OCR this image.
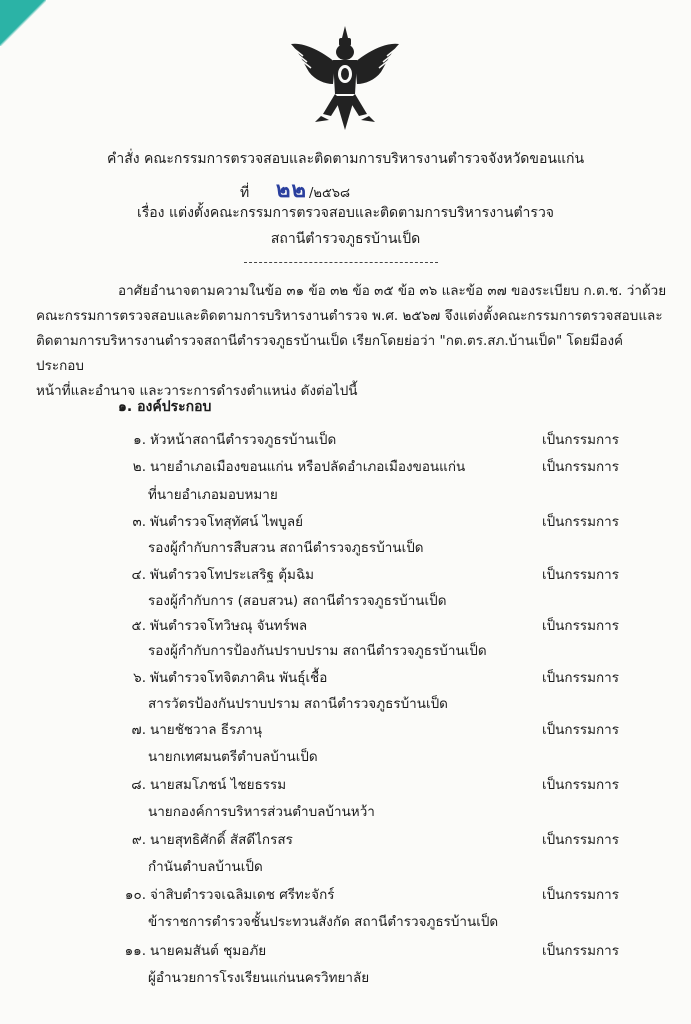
คำสั่ง คณะกรรมการตรวจสอบและติดตามการบริหารงานตำรวจจังหวัดขอนแก่น
ที่ ๒๒ /๒๕๖๘
เรื่อง แต่งตั้งคณะกรรมการตรวจสอบและติดตามการบริหารงานตำรวจ
สถานีตำรวจภูธรบ้านเป็ด
อาศัยอำนาจตามความในข้อ ๓๑ ข้อ ๓๒ ข้อ ๓๕ ข้อ ๓๖ และข้อ ๓๗ ของระเบียบ ก.ต.ช. ว่าด้วย
คณะกรรมการตรวจสอบและติดตามการบริหารงานตำรวจ พ.ศ. ๒๕๖๗ จึงแต่งตั้งคณะกรรมการตรวจสอบและ
ติดตามการบริหารงานตำรวจสถานีตำรวจภูธรบ้านเป็ด เรียกโดยย่อว่า "กต.ตร.สภ.บ้านเป็ด" โดยมีองค์ประกอบ
หน้าที่และอำนาจ และวาระการดำรงตำแหน่ง ดังต่อไปนี้
๑. องค์ประกอบ
๑. หัวหน้าสถานีตำรวจภูธรบ้านเป็ด	เป็นกรรมการ
๒. นายอำเภอเมืองขอนแก่น หรือปลัดอำเภอเมืองขอนแก่น	เป็นกรรมการ
ที่นายอำเภอมอบหมาย
๓. พันตำรวจโทสุทัศน์ ไพบูลย์	เป็นกรรมการ
รองผู้กำกับการสืบสวน สถานีตำรวจภูธรบ้านเป็ด
๔. พันตำรวจโทประเสริฐ ตุ้มฉิม	เป็นกรรมการ
รองผู้กำกับการ (สอบสวน) สถานีตำรวจภูธรบ้านเป็ด
๕. พันตำรวจโทวิษณุ จันทร์พล	เป็นกรรมการ
รองผู้กำกับการป้องกันปราบปราม สถานีตำรวจภูธรบ้านเป็ด
๖. พันตำรวจโทจิตภาคิน พันธุ์เชื้อ	เป็นกรรมการ
สารวัตรป้องกันปราบปราม สถานีตำรวจภูธรบ้านเป็ด
๗. นายชัชวาล ธีรภานุ	เป็นกรรมการ
นายกเทศมนตรีตำบลบ้านเป็ด
๘. นายสมโภชน์ ไชยธรรม	เป็นกรรมการ
นายกองค์การบริหารส่วนตำบลบ้านหว้า
๙. นายสุทธิศักดิ์ สัสดีไกรสร	เป็นกรรมการ
กำนันตำบลบ้านเป็ด
๑๐. จ่าสิบตำรวจเฉลิมเดช ศรีทะจักร์	เป็นกรรมการ
ข้าราชการตำรวจชั้นประทวนสังกัด สถานีตำรวจภูธรบ้านเป็ด
๑๑. นายคมสันต์ ชุมอภัย	เป็นกรรมการ
ผู้อำนวยการโรงเรียนแก่นนครวิทยาลัย
